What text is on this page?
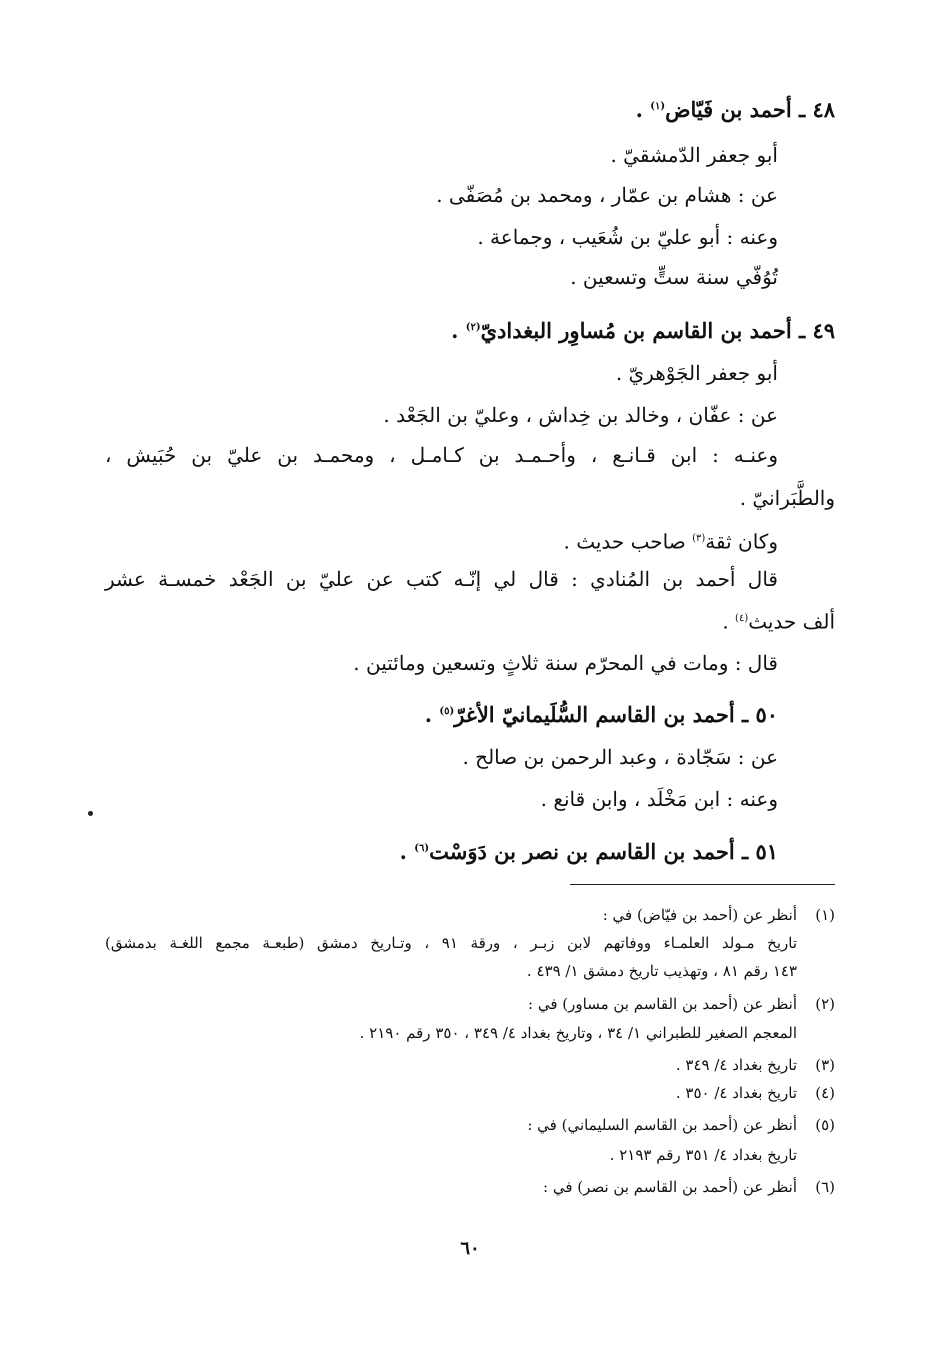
٤٨ ـ أحمد بن فَيّاض$^{(١)}$ .
أبو جعفر الدّمشقيّ .
عن : هشام بن عمّار ، ومحمد بن مُصَفّى .
وعنه : أبو عليّ بن شُعَيب ، وجماعة .
تُوُفّي سنة ستٍّ وتسعين .
٤٩ ـ أحمد بن القاسم بن مُساوِر البغداديّ$^{(٢)}$ .
أبو جعفر الجَوْهريّ .
عن : عفّان ، وخالد بن خِداش ، وعليّ بن الجَعْد .
وعنـه : ابن قـانـع ، وأحـمـد بن كـامـل ، ومحمـد بن عليّ بن حُبَيش ،
والطَّبَرانيّ .
وكان ثقة$^{(٣)}$ صاحب حديث .
قال أحمد بن المُنادي : قال لي إنّـه كتب عن عليّ بن الجَعْد خمسـة عشر
ألف حديث$^{(٤)}$ .
قال : ومات في المحرّم سنة ثلاثٍ وتسعين ومائتين .
٥٠ ـ أحمد بن القاسم السُّلَيمانيّ الأغرّ$^{(٥)}$ .
عن : سَجّادة ، وعبد الرحمن بن صالح .
وعنه : ابن مَخْلَد ، وابن قانع .
٥١ ـ أحمد بن القاسم بن نصر بن دَوَسْت$^{(٦)}$ .
(١)أنظر عن (أحمد بن فيّاض) في :
تاريخ مـولد العلمـاء ووفاتهم لابن زبـر ، ورقة ٩١ ، وتـاريخ دمشق (طبعـة مجمع اللغـة بدمشق)
١٤٣ رقم ٨١ ، وتهذيب تاريخ دمشق ١/ ٤٣٩ .
(٢)أنظر عن (أحمد بن القاسم بن مساور) في :
المعجم الصغير للطبراني ١/ ٣٤ ، وتاريخ بغداد ٤/ ٣٤٩ ، ٣٥٠ رقم ٢١٩٠ .
(٣)تاريخ بغداد ٤/ ٣٤٩ .
(٤)تاريخ بغداد ٤/ ٣٥٠ .
(٥)أنظر عن (أحمد بن القاسم السليماني) في :
تاريخ بغداد ٤/ ٣٥١ رقم ٢١٩٣ .
(٦)أنظر عن (أحمد بن القاسم بن نصر) في :
٦٠
